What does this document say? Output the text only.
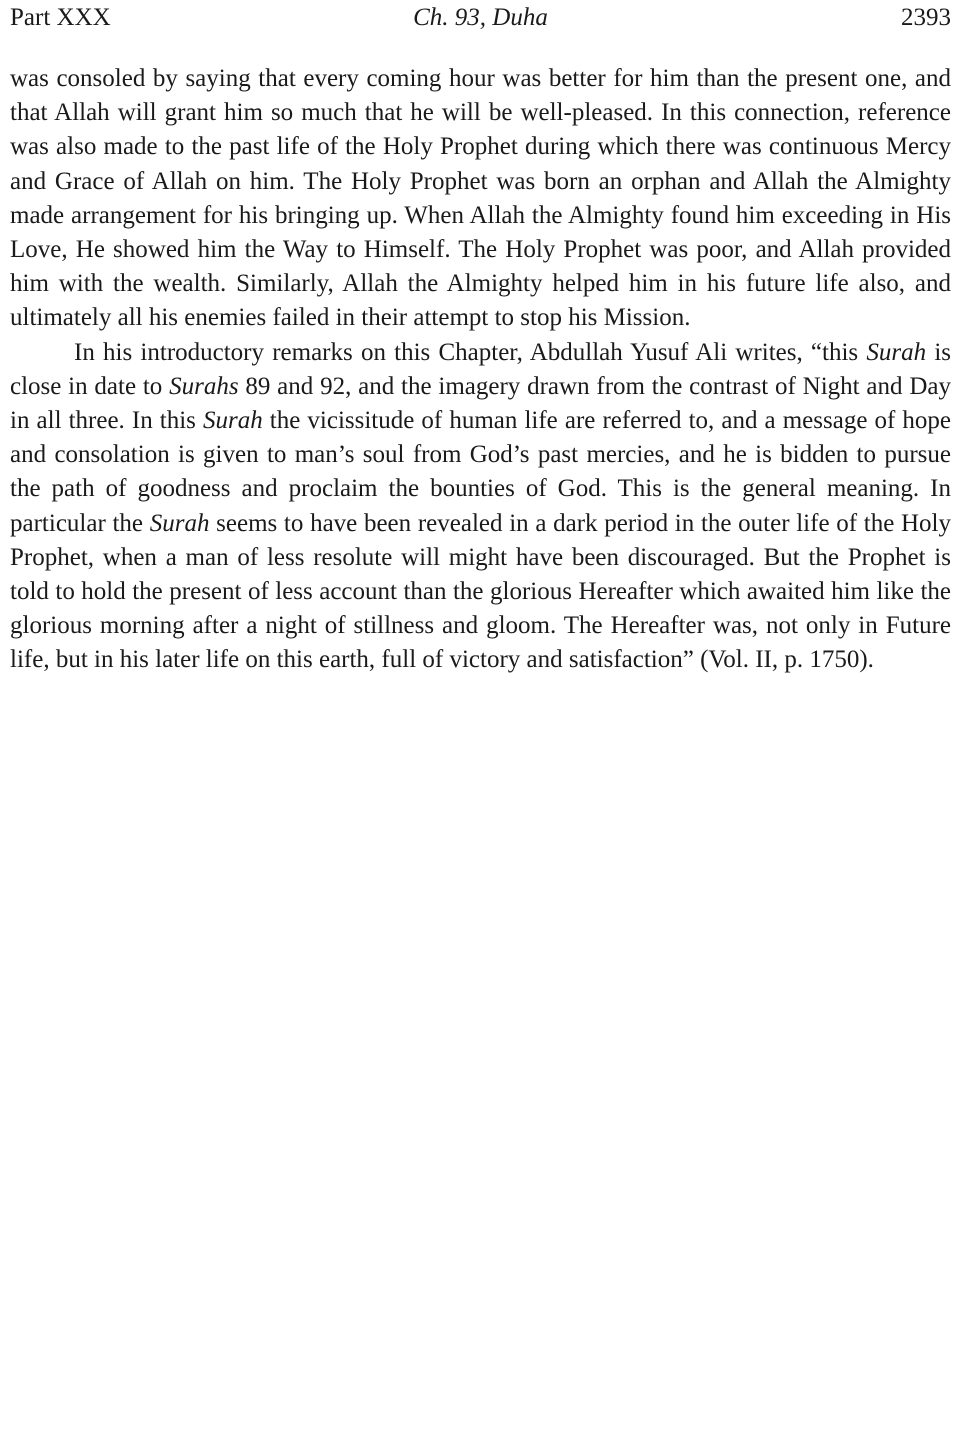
Part XXX	Ch. 93, Duha	2393

was consoled by saying that every coming hour was better for him than the present one, and that Allah will grant him so much that he will be well-pleased. In this connection, reference was also made to the past life of the Holy Prophet during which there was continuous Mercy and Grace of Allah on him. The Holy Prophet was born an orphan and Allah the Almighty made arrangement for his bringing up. When Allah the Almighty found him exceeding in His Love, He showed him the Way to Himself. The Holy Prophet was poor, and Allah provided him with the wealth. Similarly, Allah the Almighty helped him in his future life also, and ultimately all his enemies failed in their attempt to stop his Mission.

In his introductory remarks on this Chapter, Abdullah Yusuf Ali writes, “this Surah is close in date to Surahs 89 and 92, and the imagery drawn from the contrast of Night and Day in all three. In this Surah the vicissitude of human life are referred to, and a message of hope and consolation is given to man’s soul from God’s past mercies, and he is bidden to pursue the path of goodness and proclaim the bounties of God. This is the general meaning. In particular the Surah seems to have been revealed in a dark period in the outer life of the Holy Prophet, when a man of less resolute will might have been discouraged. But the Prophet is told to hold the present of less account than the glorious Hereafter which awaited him like the glorious morning after a night of stillness and gloom. The Hereafter was, not only in Future life, but in his later life on this earth, full of victory and satisfaction” (Vol. II, p. 1750).
